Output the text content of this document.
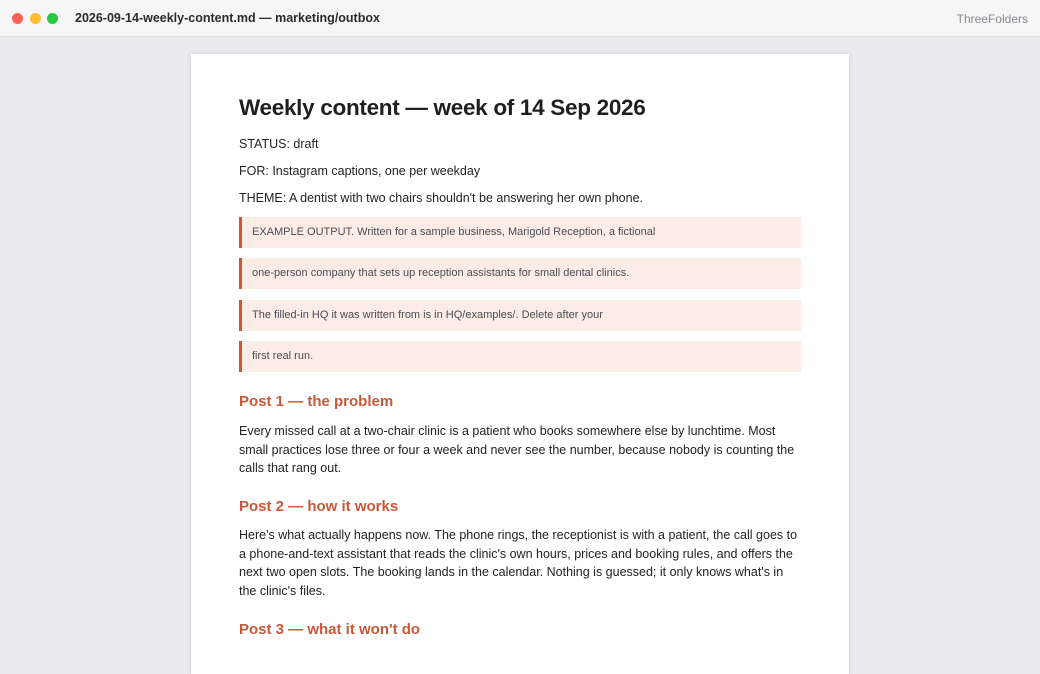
2026-09-14-weekly-content.md — marketing/outbox	ThreeFolders
Weekly content — week of 14 Sep 2026

STATUS: draft

FOR: Instagram captions, one per weekday

THEME: A dentist with two chairs shouldn't be answering her own phone.

EXAMPLE OUTPUT. Written for a sample business, Marigold Reception, a fictional
one-person company that sets up reception assistants for small dental clinics.
The filled-in HQ it was written from is in HQ/examples/. Delete after your
first real run.
Post 1 — the problem

Every missed call at a two-chair clinic is a patient who books somewhere else by lunchtime. Most small practices lose three or four a week and never see the number, because nobody is counting the calls that rang out.

Post 2 — how it works

Here's what actually happens now. The phone rings, the receptionist is with a patient, the call goes to a phone-and-text assistant that reads the clinic's own hours, prices and booking rules, and offers the next two open slots. The booking lands in the calendar. Nothing is guessed; it only knows what's in the clinic's files.

Post 3 — what it won't do
